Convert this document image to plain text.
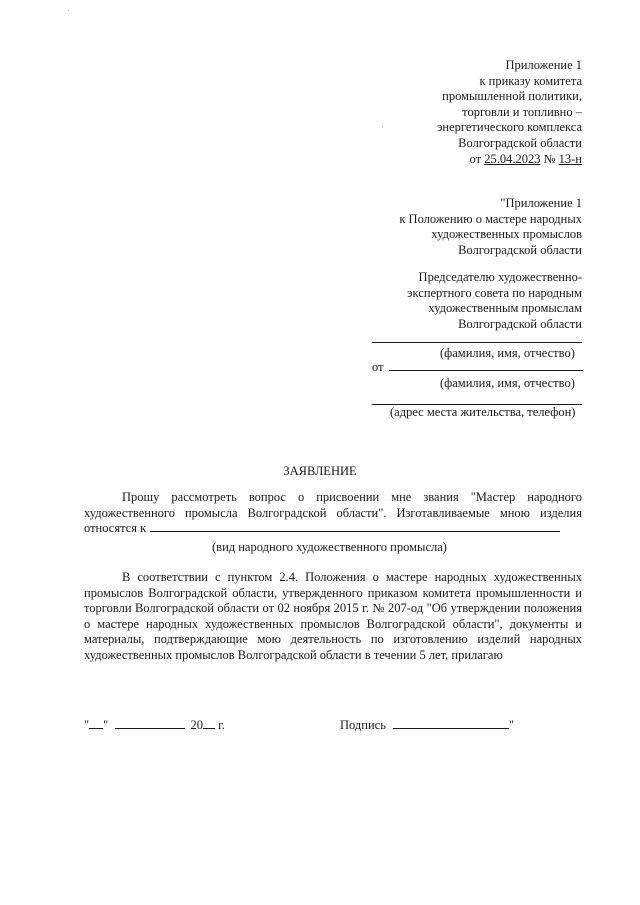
Приложение 1
к приказу комитета
промышленной политики,
торговли и топливно –
энергетического комплекса
Волгоградской области
от 25.04.2023 № 13-н
"Приложение 1
к Положению о мастере народных
художественных промыслов
Волгоградской области
Председателю художественно-
экспертного совета по народным
художественным промыслам
Волгоградской области
(фамилия, имя, отчество)
от
(фамилия, имя, отчество)
(адрес места жительства, телефон)
ЗАЯВЛЕНИЕ
Прошу рассмотреть вопрос о присвоении мне звания "Мастер народного художественного промысла Волгоградской области". Изготавливаемые мною изделия относятся к
(вид народного художественного промысла)
В соответствии с пунктом 2.4. Положения о мастере народных художественных промыслов Волгоградской области, утвержденного приказом комитета промышленности и торговли Волгоградской области от 02 ноября 2015 г. № 207-од "Об утверждении положения о мастере народных художественных промыслов Волгоградской области", документы и материалы, подтверждающие мою деятельность по изготовлению изделий народных художественных промыслов Волгоградской области в течении 5 лет, прилагаю
" "	20 г.	Подпись	"
